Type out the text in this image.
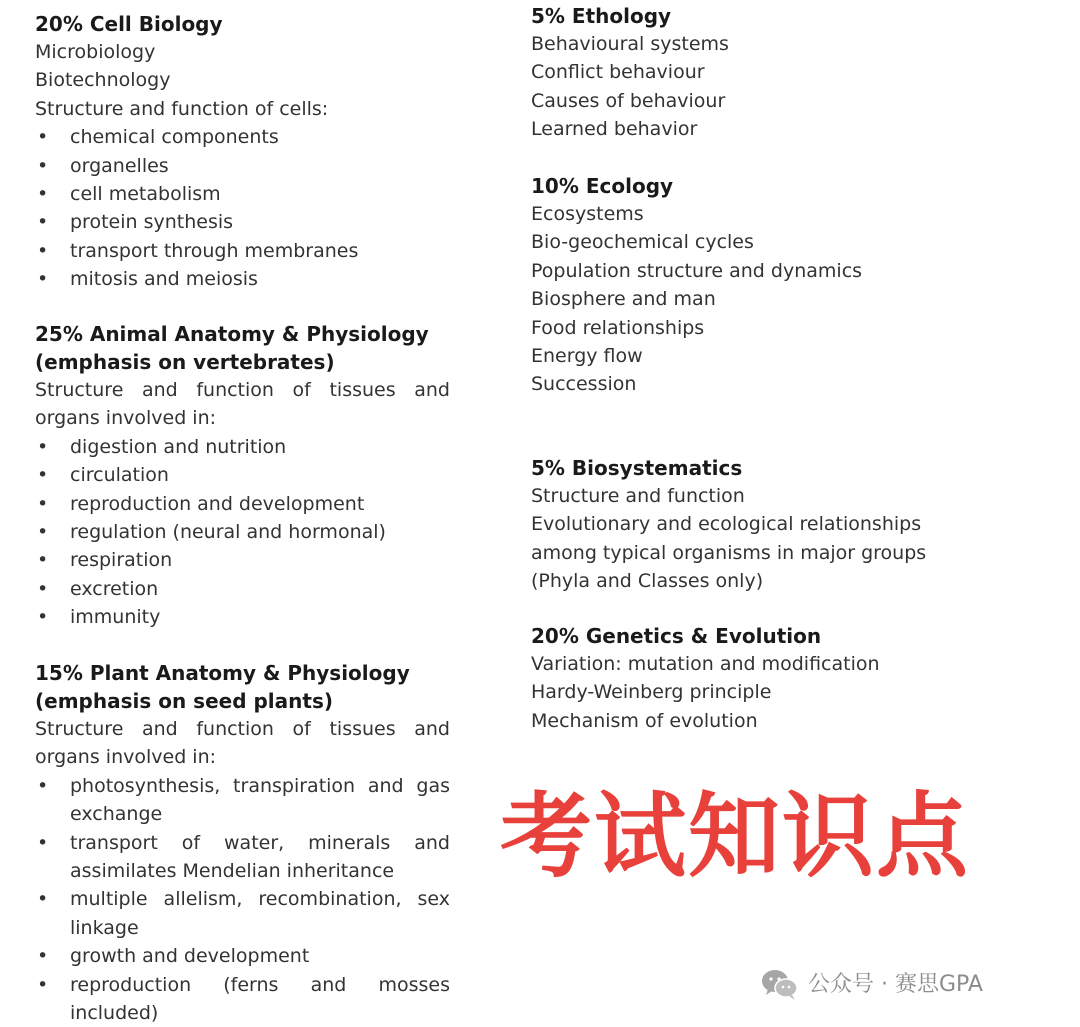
20% Cell Biology

Microbiology

Biotechnology

Structure and function of cells:

• chemical components
• organelles
• cell metabolism
• protein synthesis
• transport through membranes
• mitosis and meiosis

25% Animal Anatomy & Physiology

(emphasis on vertebrates)

Structure and function of tissues and organs involved in:

• digestion and nutrition
• circulation
• reproduction and development
• regulation (neural and hormonal)
• respiration
• excretion
• immunity

15% Plant Anatomy & Physiology

(emphasis on seed plants)

Structure and function of tissues and organs involved in:

• photosynthesis, transpiration and gas exchange
• transport of water, minerals and assimilates Mendelian inheritance
• multiple allelism, recombination, sex linkage
• growth and development
• reproduction (ferns and mosses included)

5% Ethology

Behavioural systems

Conflict behaviour

Causes of behaviour

Learned behavior

10% Ecology

Ecosystems

Bio-geochemical cycles

Population structure and dynamics

Biosphere and man

Food relationships

Energy flow

Succession

5% Biosystematics

Structure and function

Evolutionary and ecological relationships

among typical organisms in major groups

(Phyla and Classes only)

20% Genetics & Evolution

Variation: mutation and modification

Hardy-Weinberg principle

Mechanism of evolution

考试知识点
公众号 · 赛思GPA
